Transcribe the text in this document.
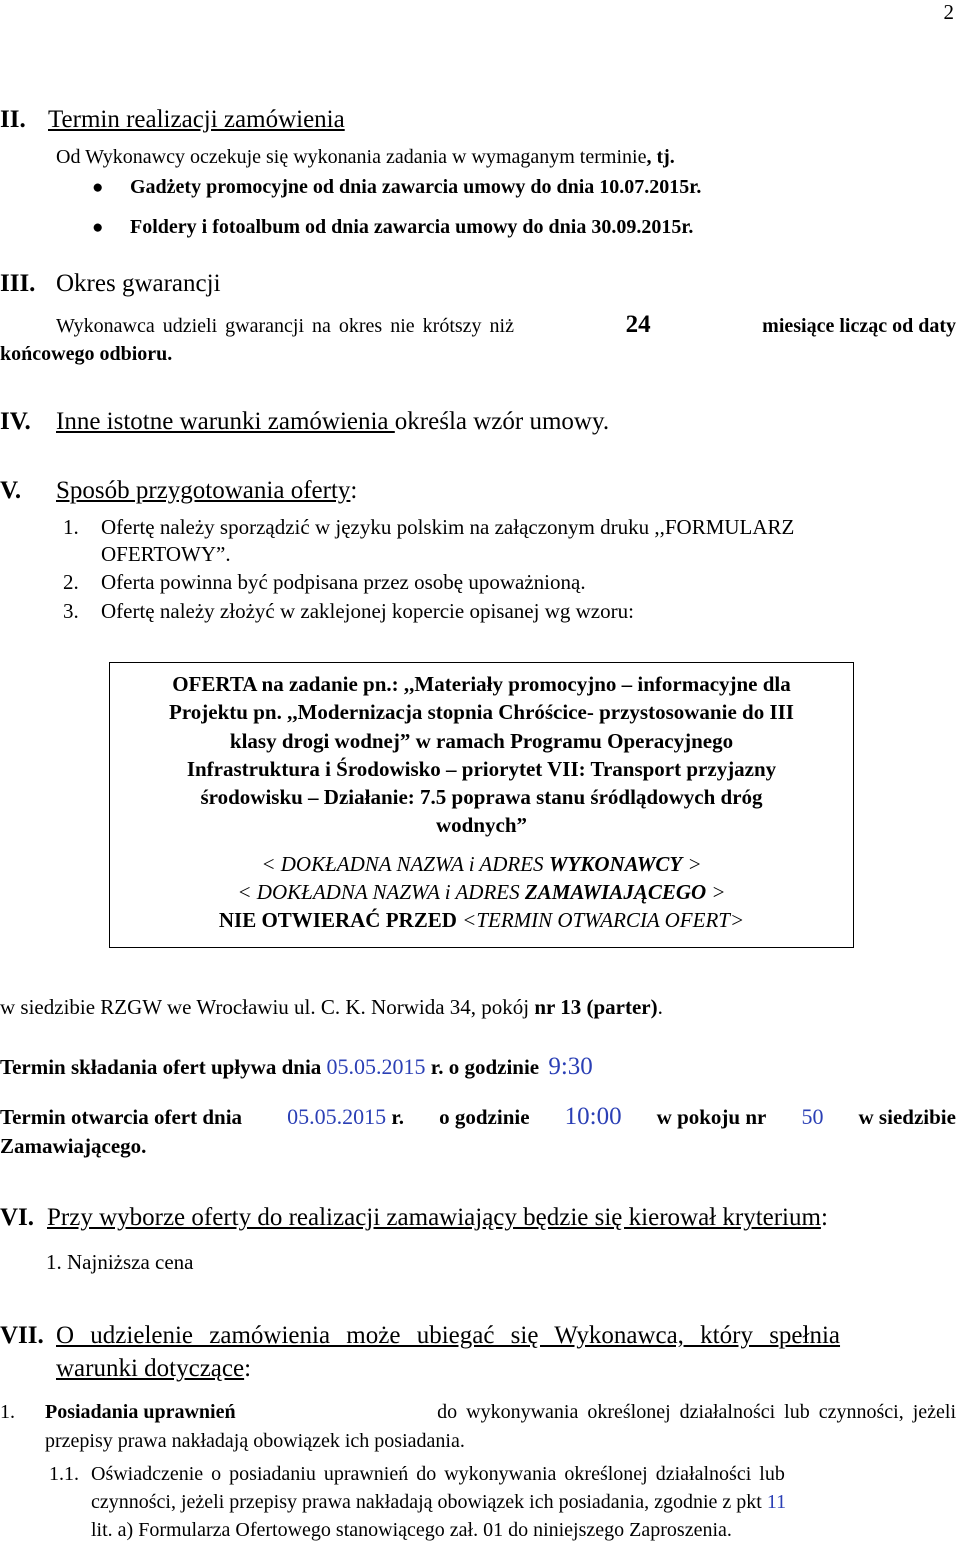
2
II. Termin realizacji zamówienia
Od Wykonawcy oczekuje się wykonania zadania w wymaganym terminie, tj.
● Gadżety promocyjne od dnia zawarcia umowy do dnia 10.07.2015r.
● Foldery i fotoalbum od dnia zawarcia umowy do dnia 30.09.2015r.
III. Okres gwarancji
Wykonawca udzieli gwarancji na okres nie krótszy niż	24	miesiące licząc od daty
końcowego odbioru.
IV. Inne istotne warunki zamówienia określa wzór umowy.
V. Sposób przygotowania oferty:
1. Ofertę należy sporządzić w języku polskim na załączonym druku ,,FORMULARZ
OFERTOWY”.
2. Oferta powinna być podpisana przez osobę upoważnioną.
3. Ofertę należy złożyć w zaklejonej kopercie opisanej wg wzoru:
OFERTA na zadanie pn.: ,,Materiały promocyjno – informacyjne dla
Projektu pn. ,,Modernizacja stopnia Chróścice- przystosowanie do III
klasy drogi wodnej” w ramach Programu Operacyjnego
Infrastruktura i Środowisko – priorytet VII: Transport przyjazny
środowisku – Działanie: 7.5 poprawa stanu śródlądowych dróg
wodnych”
< DOKŁADNA NAZWA i ADRES WYKONAWCY >
< DOKŁADNA NAZWA i ADRES ZAMAWIAJĄCEGO >
NIE OTWIERAĆ PRZED <TERMIN OTWARCIA OFERT>
w siedzibie RZGW we Wrocławiu ul. C. K. Norwida 34, pokój nr 13 (parter).
Termin składania ofert upływa dnia 05.05.2015 r. o godzinie 9:30
Termin otwarcia ofert dnia 05.05.2015 r. o godzinie 10:00 w pokoju nr 50 w siedzibie
Zamawiającego.
VI. Przy wyborze oferty do realizacji zamawiający będzie się kierował kryterium:
1. Najniższa cena
VII. O udzielenie zamówienia może ubiegać się Wykonawca, który spełnia
warunki dotyczące:
1. Posiadania uprawnień	do wykonywania określonej działalności lub czynności, jeżeli
przepisy prawa nakładają obowiązek ich posiadania.
1.1. Oświadczenie o posiadaniu uprawnień do wykonywania określonej działalności lub
czynności, jeżeli przepisy prawa nakładają obowiązek ich posiadania, zgodnie z pkt 11
lit. a) Formularza Ofertowego stanowiącego zał. 01 do niniejszego Zaproszenia.
